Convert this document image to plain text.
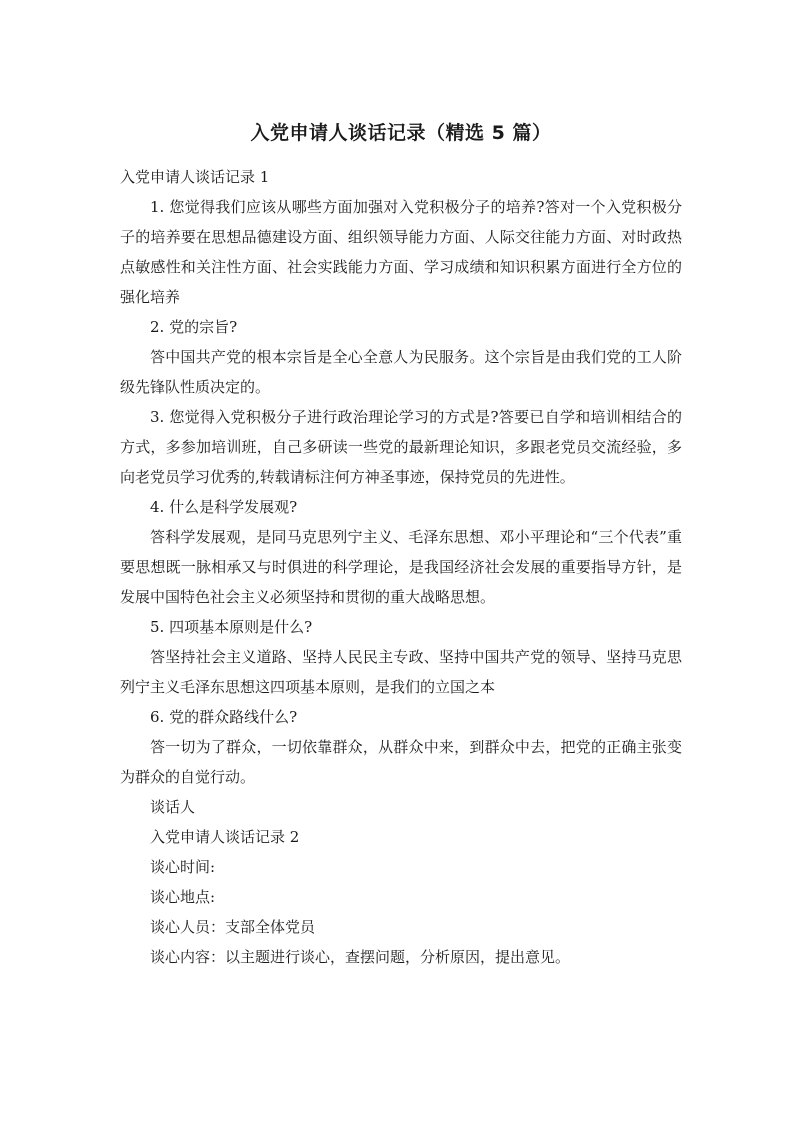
入党申请人谈话记录（精选 5 篇）

入党申请人谈话记录 1

1. 您觉得我们应该从哪些方面加强对入党积极分子的培养?答对一个入党积极分子的培养要在思想品德建设方面、组织领导能力方面、人际交往能力方面、对时政热点敏感性和关注性方面、社会实践能力方面、学习成绩和知识积累方面进行全方位的强化培养

2. 党的宗旨?

答中国共产党的根本宗旨是全心全意人为民服务。这个宗旨是由我们党的工人阶级先锋队性质决定的。

3. 您觉得入党积极分子进行政治理论学习的方式是?答要已自学和培训相结合的方式，多参加培训班，自己多研读一些党的最新理论知识，多跟老党员交流经验，多向老党员学习优秀的,转载请标注何方神圣事迹，保持党员的先进性。

4. 什么是科学发展观?

答科学发展观，是同马克思列宁主义、毛泽东思想、邓小平理论和“三个代表”重要思想既一脉相承又与时俱进的科学理论，是我国经济社会发展的重要指导方针，是发展中国特色社会主义必须坚持和贯彻的重大战略思想。

5. 四项基本原则是什么?

答坚持社会主义道路、坚持人民民主专政、坚持中国共产党的领导、坚持马克思列宁主义毛泽东思想这四项基本原则，是我们的立国之本

6. 党的群众路线什么?

答一切为了群众，一切依靠群众，从群众中来，到群众中去，把党的正确主张变为群众的自觉行动。

谈话人

入党申请人谈话记录 2

谈心时间:

谈心地点:

谈心人员：支部全体党员

谈心内容：以主题进行谈心，查摆问题，分析原因，提出意见。
